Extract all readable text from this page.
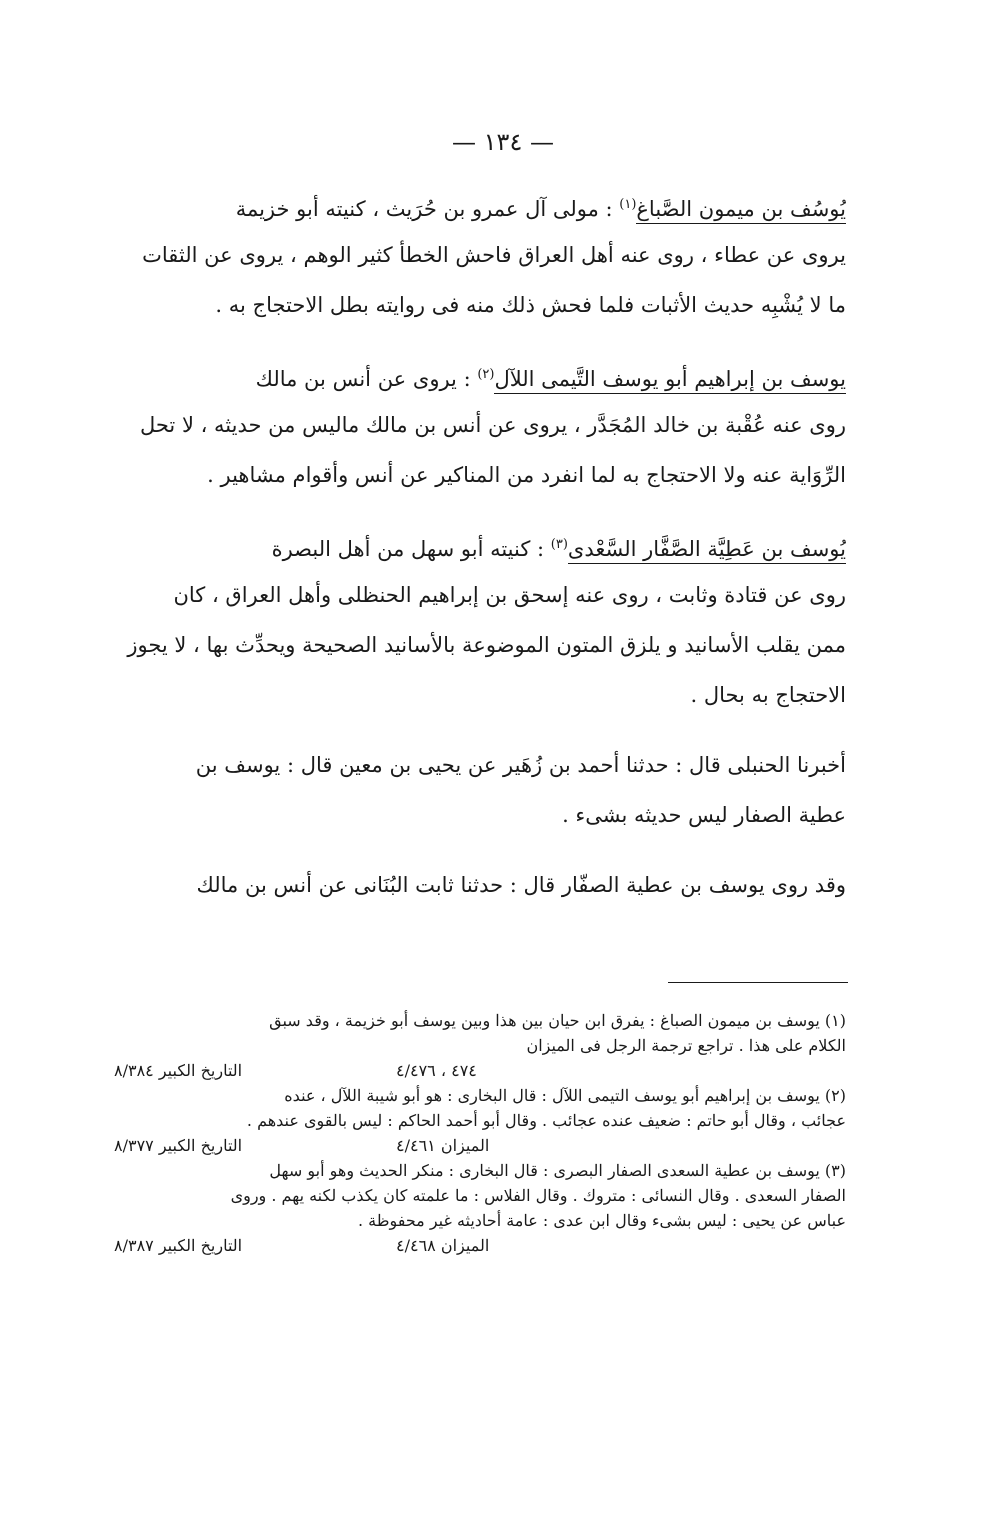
— ١٣٤ —
يُوسُف بن ميمون الصَّباغ$^{(١)}$ : مولى آل عمرو بن حُرَيث ، كنيته أبو خزيمة
يروى عن عطاء ، روى عنه أهل العراق فاحش الخطأ كثير الوهم ، يروى عن الثقات
ما لا يُشْبِه حديث الأثبات فلما فحش ذلك منه فى روايته بطل الاحتجاج به .
يوسف بن إبراهيم أبو يوسف التَّيمى اللآل$^{(٢)}$ : يروى عن أنس بن مالك
روى عنه عُقْبة بن خالد المُجَدَّر ، يروى عن أنس بن مالك ماليس من حديثه ، لا تحل
الرِّوَاية عنه ولا الاحتجاج به لما انفرد من المناكير عن أنس وأقوام مشاهير .
يُوسف بن عَطِيَّة الصَّفَّار السَّعْدى$^{(٣)}$ : كنيته أبو سهل من أهل البصرة
روى عن قتادة وثابت ، روى عنه إسحق بن إبراهيم الحنظلى وأهل العراق ، كان
ممن يقلب الأسانيد و يلزق المتون الموضوعة بالأسانيد الصحيحة ويحدِّث بها ، لا يجوز
الاحتجاج به بحال .
أخبرنا الحنبلى قال : حدثنا أحمد بن زُهَير عن يحيى بن معين قال : يوسف بن
عطية الصفار ليس حديثه بشىء .
وقد روى يوسف بن عطية الصفّار قال : حدثنا ثابت البُنَانى عن أنس بن مالك
(١) يوسف بن ميمون الصباغ : يفرق ابن حيان بين هذا وبين يوسف أبو خزيمة ، وقد سبق
الكلام على هذا . تراجع ترجمة الرجل فى الميزان
٤٧٤ ، ٤/٤٧٦
التاريخ الكبير ٨/٣٨٤
(٢) يوسف بن إبراهيم أبو يوسف التيمى اللآل : قال البخارى : هو أبو شيبة اللآل ، عنده
عجائب ، وقال أبو حاتم : ضعيف عنده عجائب . وقال أبو أحمد الحاكم : ليس بالقوى عندهم .
الميزان ٤/٤٦١
التاريخ الكبير ٨/٣٧٧
(٣) يوسف بن عطية السعدى الصفار البصرى : قال البخارى : منكر الحديث وهو أبو سهل
الصفار السعدى . وقال النسائى : متروك . وقال الفلاس : ما علمته كان يكذب لكنه يهم . وروى
عباس عن يحيى : ليس بشىء وقال ابن عدى : عامة أحاديثه غير محفوظة .
الميزان ٤/٤٦٨
التاريخ الكبير ٨/٣٨٧
